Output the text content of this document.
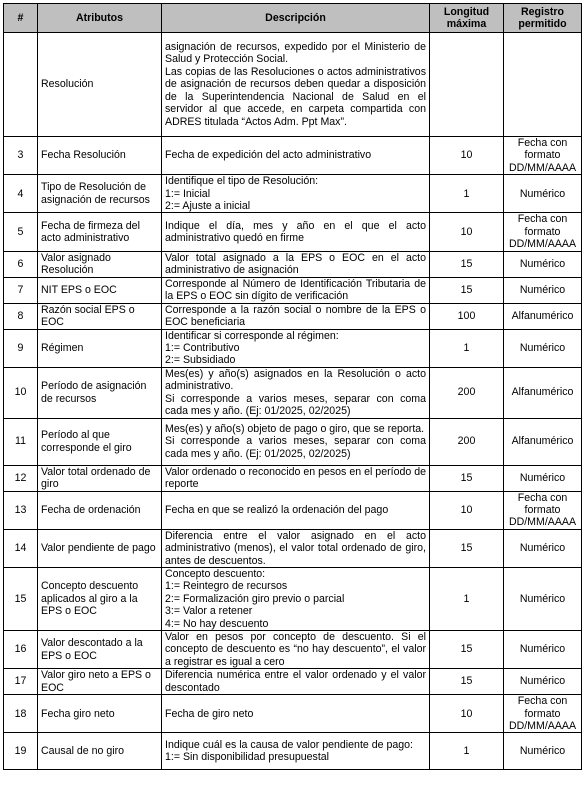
#	Atributos	Descripción	Longitud máxima	Registro permitido
	Resolución	asignación de recursos, expedido por el Ministerio de Salud y Protección Social.
Las copias de las Resoluciones o actos administrativos de asignación de recursos deben quedar a disposición de la Superintendencia Nacional de Salud en el servidor al que accede, en carpeta compartida con ADRES titulada “Actos Adm. Ppt Max”.		

3	Fecha Resolución	Fecha de expedición del acto administrativo	10	Fecha con formato DD/MM/AAAA
4	Tipo de Resolución de asignación de recursos	Identifique el tipo de Resolución:
1:= Inicial
2:= Ajuste a inicial	1	Numérico
5	Fecha de firmeza del acto administrativo	Indique el día, mes y año en el que el acto administrativo quedó en firme	10	Fecha con formato DD/MM/AAAA
6	Valor asignado Resolución	Valor total asignado a la EPS o EOC en el acto administrativo de asignación	15	Numérico
7	NIT EPS o EOC	Corresponde al Número de Identificación Tributaria de la EPS o EOC sin dígito de verificación	15	Numérico
8	Razón social EPS o EOC	Corresponde a la razón social o nombre de la EPS o EOC beneficiaria	100	Alfanumérico
9	Régimen	Identificar si corresponde al régimen:
1:= Contributivo
2:= Subsidiado	1	Numérico
10	Período de asignación de recursos	Mes(es) y año(s) asignados en la Resolución o acto administrativo.
Si corresponde a varios meses, separar con coma cada mes y año. (Ej: 01/2025, 02/2025)	200	Alfanumérico
11	Período al que corresponde el giro	Mes(es) y año(s) objeto de pago o giro, que se reporta.
Si corresponde a varios meses, separar con coma cada mes y año. (Ej: 01/2025, 02/2025)	200	Alfanumérico
12	Valor total ordenado de giro	Valor ordenado o reconocido en pesos en el período de reporte	15	Numérico
13	Fecha de ordenación	Fecha en que se realizó la ordenación del pago	10	Fecha con formato DD/MM/AAAA
14	Valor pendiente de pago	Diferencia entre el valor asignado en el acto administrativo (menos), el valor total ordenado de giro, antes de descuentos.	15	Numérico
15	Concepto descuento aplicados al giro a la EPS o EOC	Concepto descuento:
1:= Reintegro de recursos
2:= Formalización giro previo o parcial
3:= Valor a retener
4:= No hay descuento	1	Numérico
16	Valor descontado a la EPS o EOC	Valor en pesos por concepto de descuento. Si el concepto de descuento es “no hay descuento”, el valor a registrar es igual a cero	15	Numérico
17	Valor giro neto a EPS o EOC	Diferencia numérica entre el valor ordenado y el valor descontado	15	Numérico
18	Fecha giro neto	Fecha de giro neto	10	Fecha con formato DD/MM/AAAA
19	Causal de no giro	Indique cuál es la causa de valor pendiente de pago:
1:= Sin disponibilidad presupuestal	1	Numérico
